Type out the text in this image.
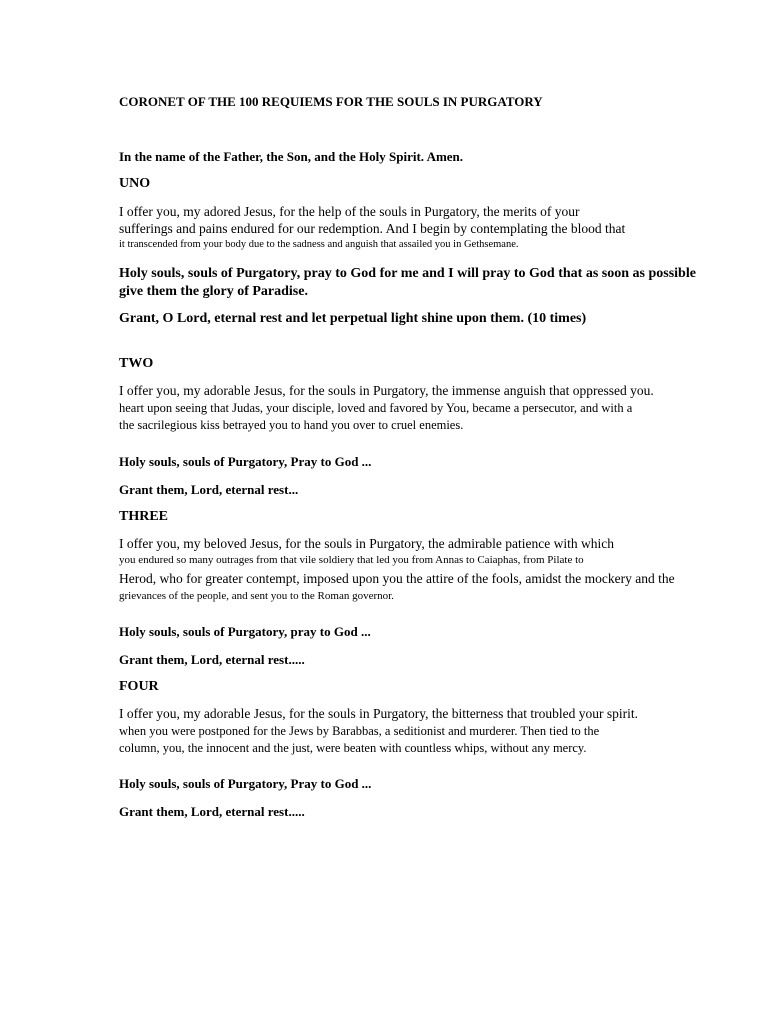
CORONET OF THE 100 REQUIEMS FOR THE SOULS IN PURGATORY
In the name of the Father, the Son, and the Holy Spirit. Amen.
UNO
I offer you, my adored Jesus, for the help of the souls in Purgatory, the merits of your
sufferings and pains endured for our redemption. And I begin by contemplating the blood that
it transcended from your body due to the sadness and anguish that assailed you in Gethsemane.
Holy souls, souls of Purgatory, pray to God for me and I will pray to God that as soon as possible
give them the glory of Paradise.
Grant, O Lord, eternal rest and let perpetual light shine upon them. (10 times)
TWO
I offer you, my adorable Jesus, for the souls in Purgatory, the immense anguish that oppressed you.
heart upon seeing that Judas, your disciple, loved and favored by You, became a persecutor, and with a
the sacrilegious kiss betrayed you to hand you over to cruel enemies.
Holy souls, souls of Purgatory, Pray to God ...
Grant them, Lord, eternal rest...
THREE
I offer you, my beloved Jesus, for the souls in Purgatory, the admirable patience with which
you endured so many outrages from that vile soldiery that led you from Annas to Caiaphas, from Pilate to
Herod, who for greater contempt, imposed upon you the attire of the fools, amidst the mockery and the
grievances of the people, and sent you to the Roman governor.
Holy souls, souls of Purgatory, pray to God ...
Grant them, Lord, eternal rest.....
FOUR
I offer you, my adorable Jesus, for the souls in Purgatory, the bitterness that troubled your spirit.
when you were postponed for the Jews by Barabbas, a seditionist and murderer. Then tied to the
column, you, the innocent and the just, were beaten with countless whips, without any mercy.
Holy souls, souls of Purgatory, Pray to God ...
Grant them, Lord, eternal rest.....
